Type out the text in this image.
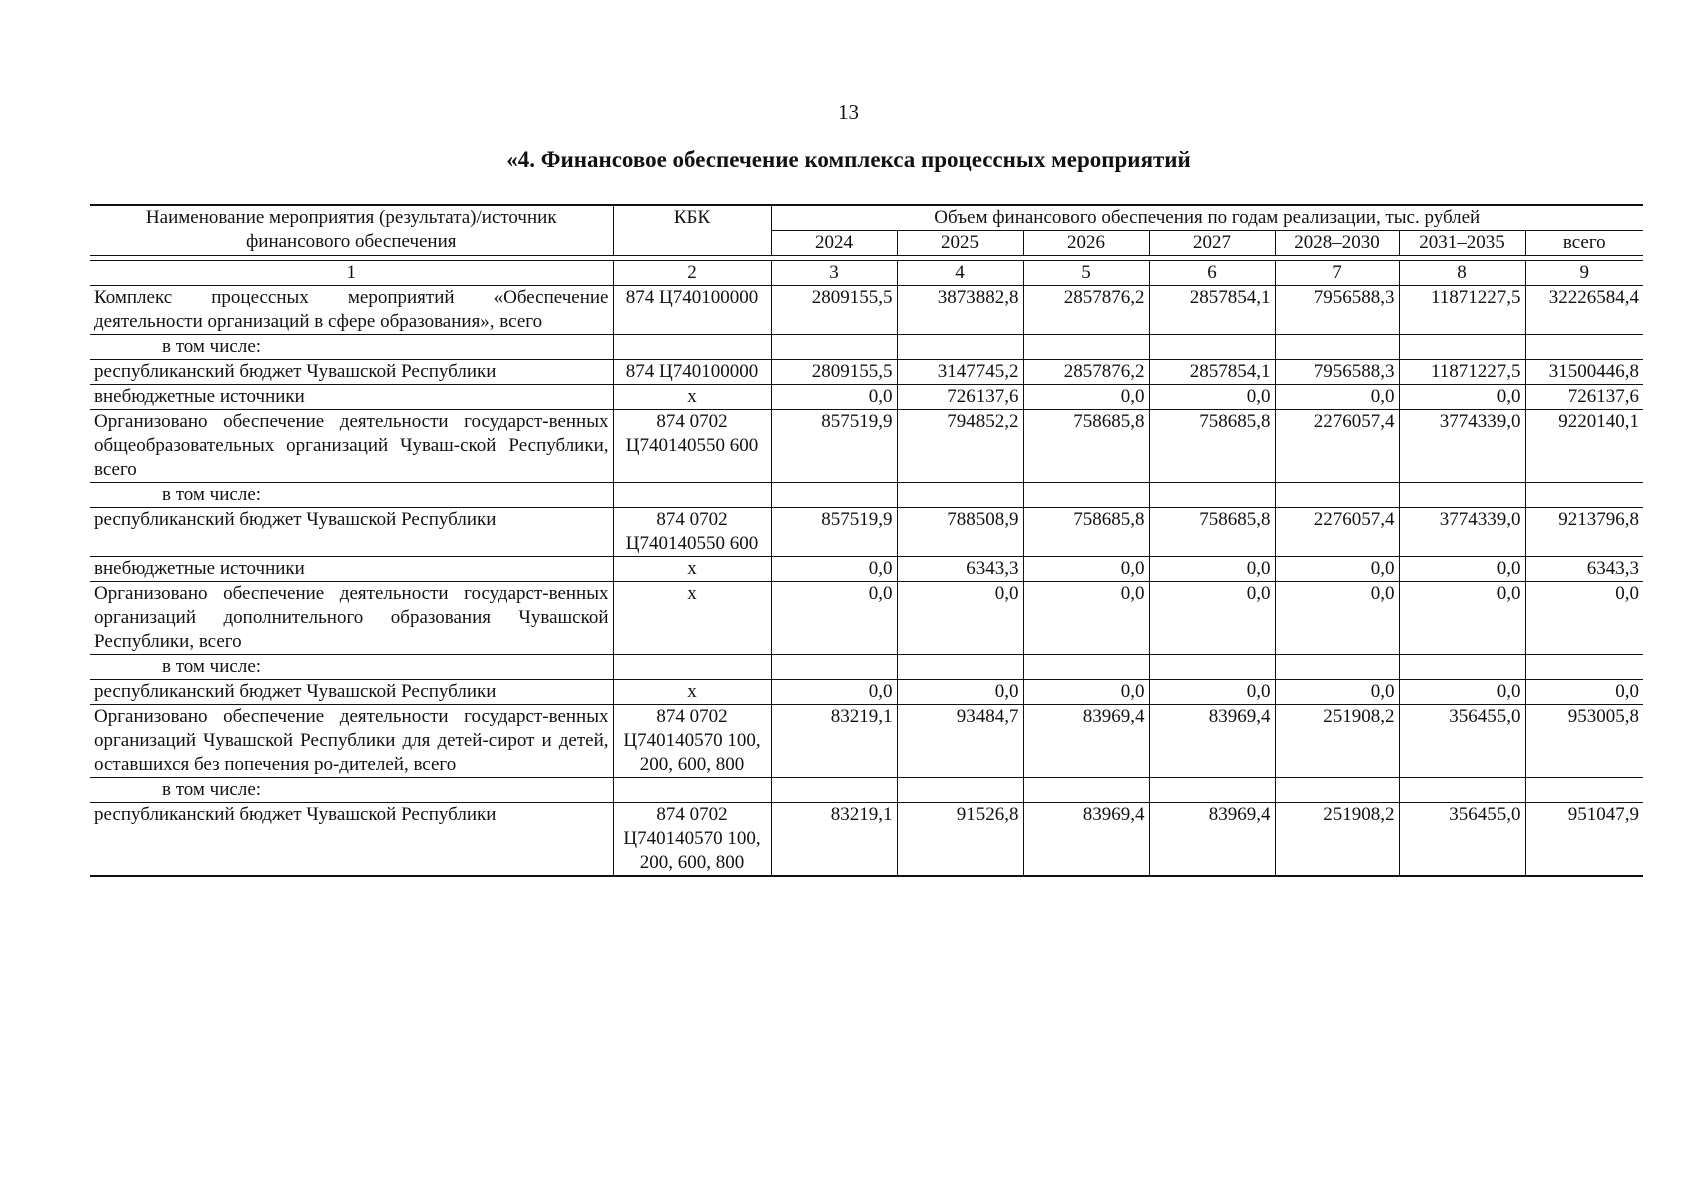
13
«4. Финансовое обеспечение комплекса процессных мероприятий
Наименование мероприятия (результата)/источник финансового обеспечения	КБК	Объем финансового обеспечения по годам реализации, тыс. рублей						
		2024	2025	2026	2027	2028–2030	2031–2035	всего

1	2	3	4	5	6	7	8	9
Комплекс процессных мероприятий «Обеспечение деятельности организаций в сфере образования», всего	874 Ц740100000	2809155,5	3873882,8	2857876,2	2857854,1	7956588,3	11871227,5	32226584,4
в том числе:								
республиканский бюджет Чувашской Республики	874 Ц740100000	2809155,5	3147745,2	2857876,2	2857854,1	7956588,3	11871227,5	31500446,8
внебюджетные источники	х	0,0	726137,6	0,0	0,0	0,0	0,0	726137,6
Организовано обеспечение деятельности государст-венных общеобразовательных организаций Чуваш-ской Республики, всего	874 0702 Ц740140550 600	857519,9	794852,2	758685,8	758685,8	2276057,4	3774339,0	9220140,1
в том числе:								
республиканский бюджет Чувашской Республики	874 0702 Ц740140550 600	857519,9	788508,9	758685,8	758685,8	2276057,4	3774339,0	9213796,8
внебюджетные источники	х	0,0	6343,3	0,0	0,0	0,0	0,0	6343,3
Организовано обеспечение деятельности государст-венных организаций дополнительного образования Чувашской Республики, всего	х	0,0	0,0	0,0	0,0	0,0	0,0	0,0
в том числе:								
республиканский бюджет Чувашской Республики	х	0,0	0,0	0,0	0,0	0,0	0,0	0,0
Организовано обеспечение деятельности государст-венных организаций Чувашской Республики для детей-сирот и детей, оставшихся без попечения ро-дителей, всего	874 0702 Ц740140570 100, 200, 600, 800	83219,1	93484,7	83969,4	83969,4	251908,2	356455,0	953005,8
в том числе:								
республиканский бюджет Чувашской Республики	874 0702 Ц740140570 100, 200, 600, 800	83219,1	91526,8	83969,4	83969,4	251908,2	356455,0	951047,9
